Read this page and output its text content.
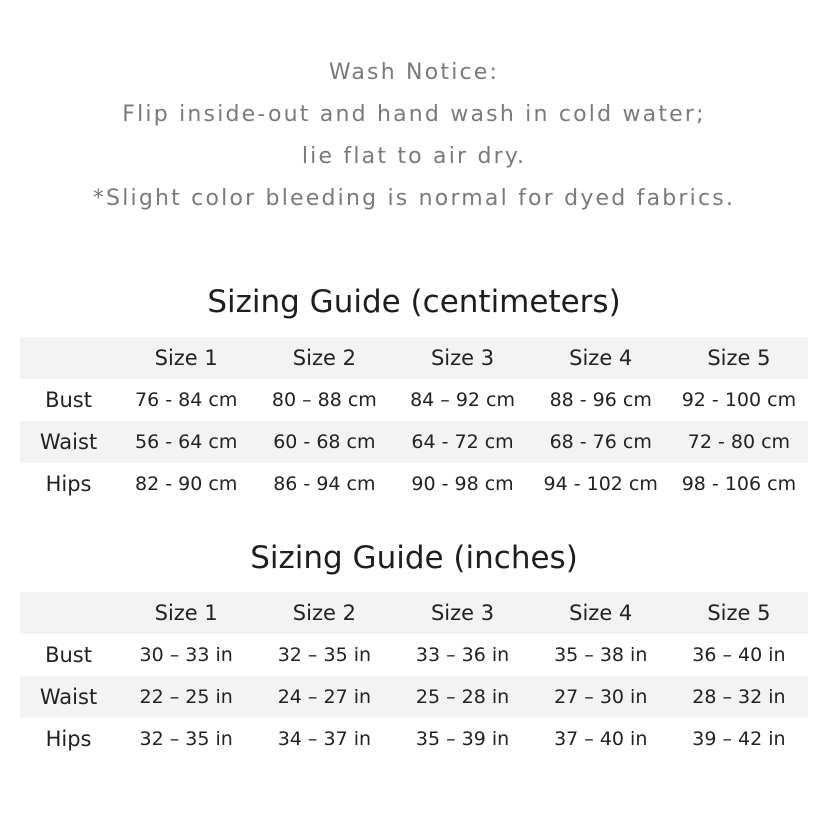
Wash Notice:
Flip inside-out and hand wash in cold water;
lie flat to air dry.
*Slight color bleeding is normal for dyed fabrics.
Sizing Guide (centimeters)
	Size 1	Size 2	Size 3	Size 4	Size 5
Bust	76 - 84 cm	80 – 88 cm	84 – 92 cm	88 - 96 cm	92 - 100 cm
Waist	56 - 64 cm	60 - 68 cm	64 - 72 cm	68 - 76 cm	72 - 80 cm
Hips	82 - 90 cm	86 - 94 cm	90 - 98 cm	94 - 102 cm	98 - 106 cm
Sizing Guide (inches)
	Size 1	Size 2	Size 3	Size 4	Size 5
Bust	30 – 33 in	32 – 35 in	33 – 36 in	35 – 38 in	36 – 40 in
Waist	22 – 25 in	24 – 27 in	25 – 28 in	27 – 30 in	28 – 32 in
Hips	32 – 35 in	34 – 37 in	35 – 39 in	37 – 40 in	39 – 42 in
